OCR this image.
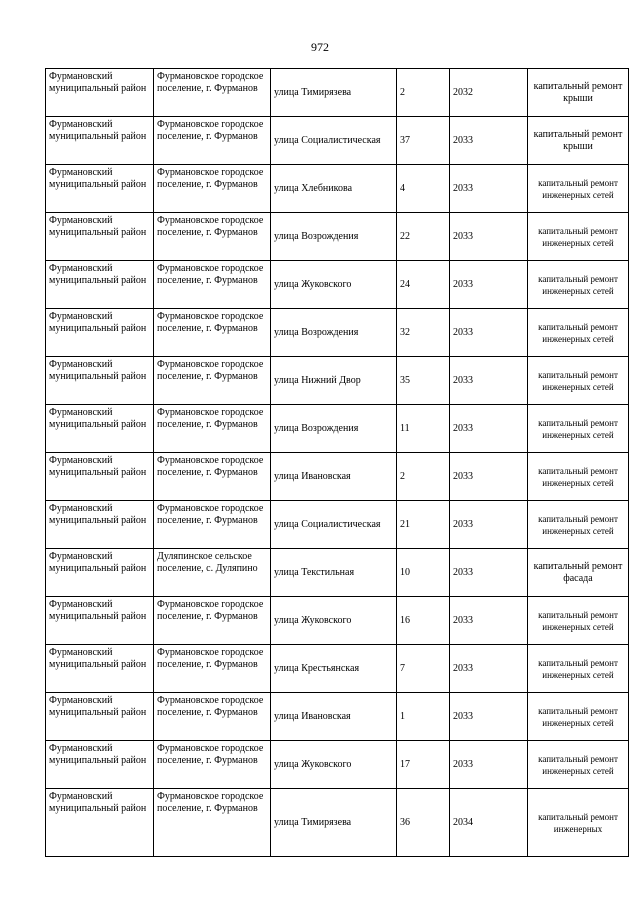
972
Фурмановский муниципальный район	Фурмановское городское поселение, г. Фурманов	улица Тимирязева	2	2032	капитальный ремонт крыши
Фурмановский муниципальный район	Фурмановское городское поселение, г. Фурманов	улица Социалистическая	37	2033	капитальный ремонт крыши
Фурмановский муниципальный район	Фурмановское городское поселение, г. Фурманов	улица Хлебникова	4	2033	капитальный ремонт инженерных сетей
Фурмановский муниципальный район	Фурмановское городское поселение, г. Фурманов	улица Возрождения	22	2033	капитальный ремонт инженерных сетей
Фурмановский муниципальный район	Фурмановское городское поселение, г. Фурманов	улица Жуковского	24	2033	капитальный ремонт инженерных сетей
Фурмановский муниципальный район	Фурмановское городское поселение, г. Фурманов	улица Возрождения	32	2033	капитальный ремонт инженерных сетей
Фурмановский муниципальный район	Фурмановское городское поселение, г. Фурманов	улица Нижний Двор	35	2033	капитальный ремонт инженерных сетей
Фурмановский муниципальный район	Фурмановское городское поселение, г. Фурманов	улица Возрождения	11	2033	капитальный ремонт инженерных сетей
Фурмановский муниципальный район	Фурмановское городское поселение, г. Фурманов	улица Ивановская	2	2033	капитальный ремонт инженерных сетей
Фурмановский муниципальный район	Фурмановское городское поселение, г. Фурманов	улица Социалистическая	21	2033	капитальный ремонт инженерных сетей
Фурмановский муниципальный район	Дуляпинское сельское поселение, с. Дуляпино	улица Текстильная	10	2033	капитальный ремонт фасада
Фурмановский муниципальный район	Фурмановское городское поселение, г. Фурманов	улица Жуковского	16	2033	капитальный ремонт инженерных сетей
Фурмановский муниципальный район	Фурмановское городское поселение, г. Фурманов	улица Крестьянская	7	2033	капитальный ремонт инженерных сетей
Фурмановский муниципальный район	Фурмановское городское поселение, г. Фурманов	улица Ивановская	1	2033	капитальный ремонт инженерных сетей
Фурмановский муниципальный район	Фурмановское городское поселение, г. Фурманов	улица Жуковского	17	2033	капитальный ремонт инженерных сетей
Фурмановский муниципальный район	Фурмановское городское поселение, г. Фурманов	улица Тимирязева	36	2034	капитальный ремонт инженерных
